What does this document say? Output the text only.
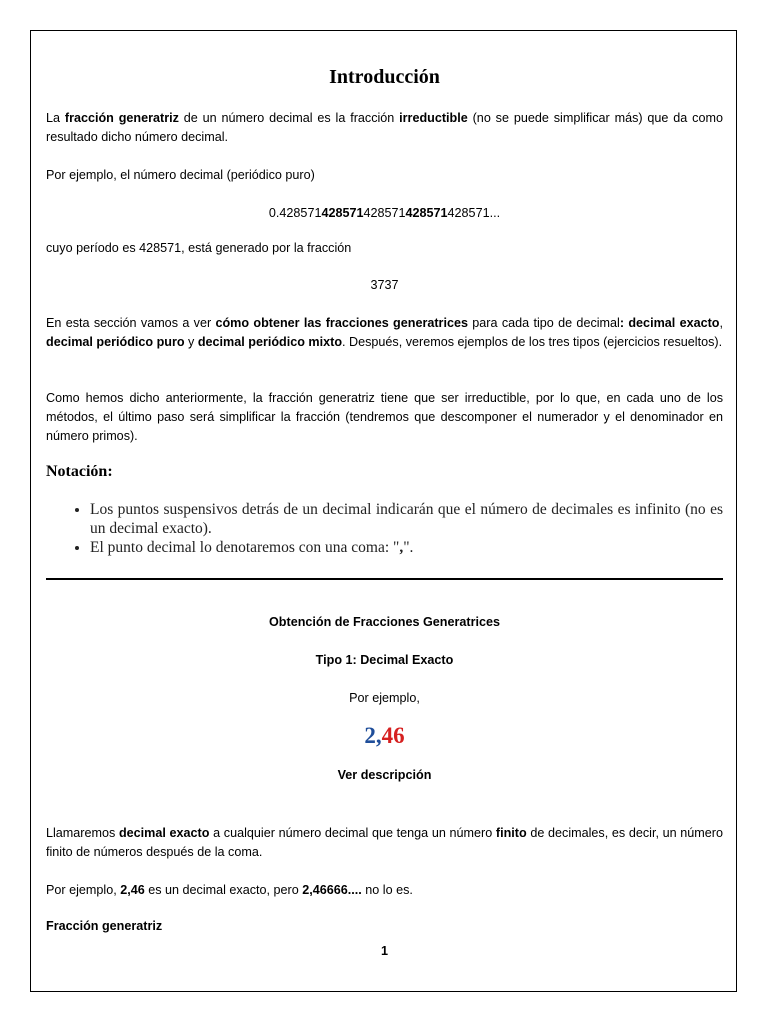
Introducción

La fracción generatriz de un número decimal es la fracción irreductible (no se puede simplificar más) que da como resultado dicho número decimal.

Por ejemplo, el número decimal (periódico puro)

0.428571428571428571428571428571...

cuyo período es 428571, está generado por la fracción

3737

En esta sección vamos a ver cómo obtener las fracciones generatrices para cada tipo de decimal: decimal exacto, decimal periódico puro y decimal periódico mixto. Después, veremos ejemplos de los tres tipos (ejercicios resueltos).

Como hemos dicho anteriormente, la fracción generatriz tiene que ser irreductible, por lo que, en cada uno de los métodos, el último paso será simplificar la fracción (tendremos que descomponer el numerador y el denominador en número primos).

Notación:

• Los puntos suspensivos detrás de un decimal indicarán que el número de decimales es infinito (no es un decimal exacto).
• El punto decimal lo denotaremos con una coma: ",".

Obtención de Fracciones Generatrices

Tipo 1: Decimal Exacto

Por ejemplo,

2,46

Ver descripción

Llamaremos decimal exacto a cualquier número decimal que tenga un número finito de decimales, es decir, un número finito de números después de la coma.

Por ejemplo, 2,46 es un decimal exacto, pero 2,46666.... no lo es.

Fracción generatriz

1
